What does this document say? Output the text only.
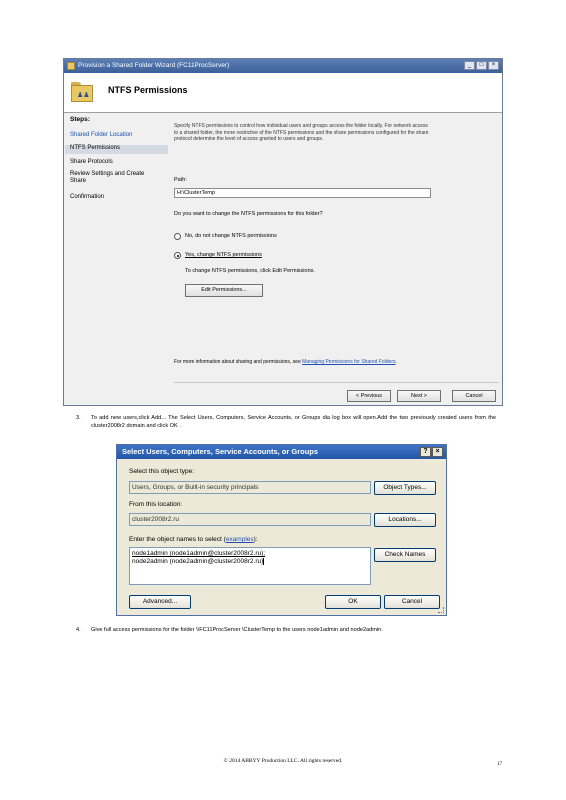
Provision a Shared Folder Wizard (FC11ProcServer)	_	□	×
♟♟
NTFS Permissions
Steps:
Shared Folder Location
NTFS Permissions
Share Protocols
Review Settings and Create Share
Confirmation
Specify NTFS permissions to control how individual users and groups access the folder locally. For network access to a shared folder, the more restrictive of the NTFS permissions and the share permissions configured for the share protocol determine the level of access granted to users and groups.
Path:
H:\ClusterTemp
Do you want to change the NTFS permissions for this folder?
No, do not change NTFS permissions
Yes, change NTFS permissions
To change NTFS permissions, click Edit Permissions.
Edit Permissions...
For more information about sharing and permissions, see Managing Permissions for Shared Folders.
< Previous	Next >	Cancel
3. To add new users,click Add... The Select Users, Computers, Service Accounts, or Groups dia log box will open.Add the two previously created users from the cluster2008r2 domain and click OK .
Select Users, Computers, Service Accounts, or Groups	?	×
Select this object type:
Users, Groups, or Built-in security principals	Object Types...
From this location:
cluster2008r2.ru	Locations...
Enter the object names to select (examples):
node1admin (node1admin@cluster2008r2.ru);
node2admin (node2admin@cluster2008r2.ru)
Check Names
Advanced...	OK	Cancel
4. Give full access permissions for the folder \\FC11ProcServer \ClusterTemp to the users node1admin and node2admin.
© 2014 ABBYY Production LLC. All rights reserved.
17
